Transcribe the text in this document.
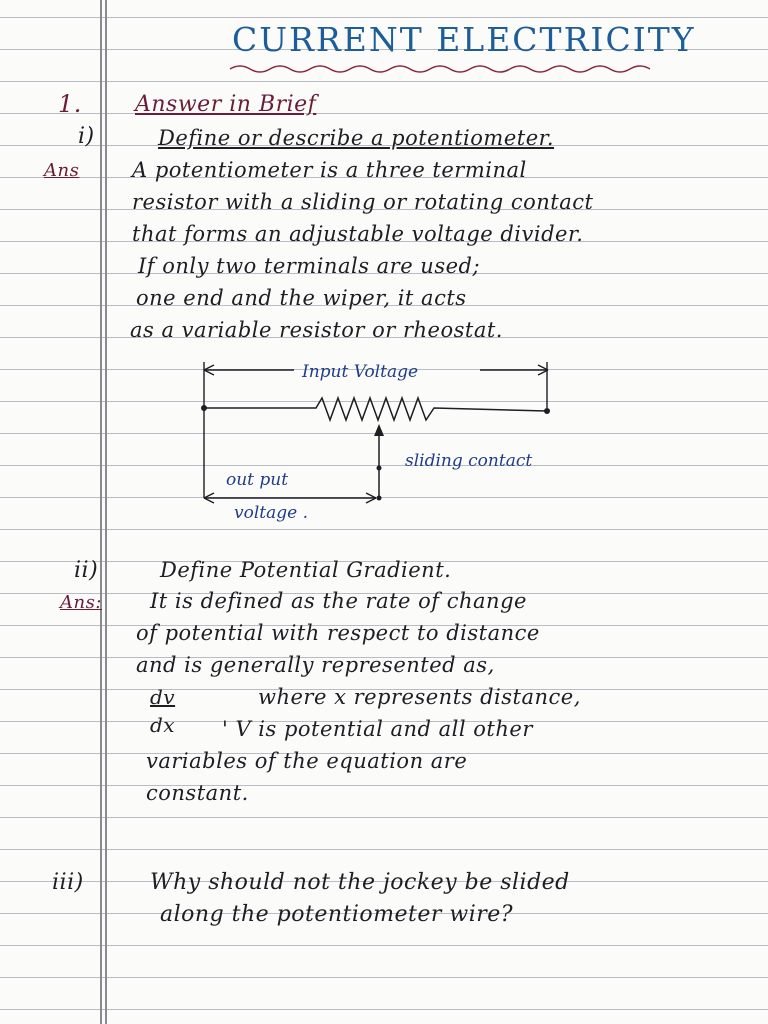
CURRENT ELECTRICITY
1. Answer in Brief
i)	Define or describe a potentiometer.
Ans	A potentiometer is a three terminal
resistor with a sliding or rotating contact
that forms an adjustable voltage divider.
If only two terminals are used;
one end and the wiper, it acts
as a variable resistor or rheostat.
Input Voltage
sliding contact
out put
voltage .
ii)	Define Potential Gradient.
Ans: It is defined as the rate of change
of potential with respect to distance
and is generally represented as,
dv
dx
where x represents distance,
' V is potential and all other
variables of the equation are
constant.
iii)	Why should not the jockey be slided
along the potentiometer wire?
